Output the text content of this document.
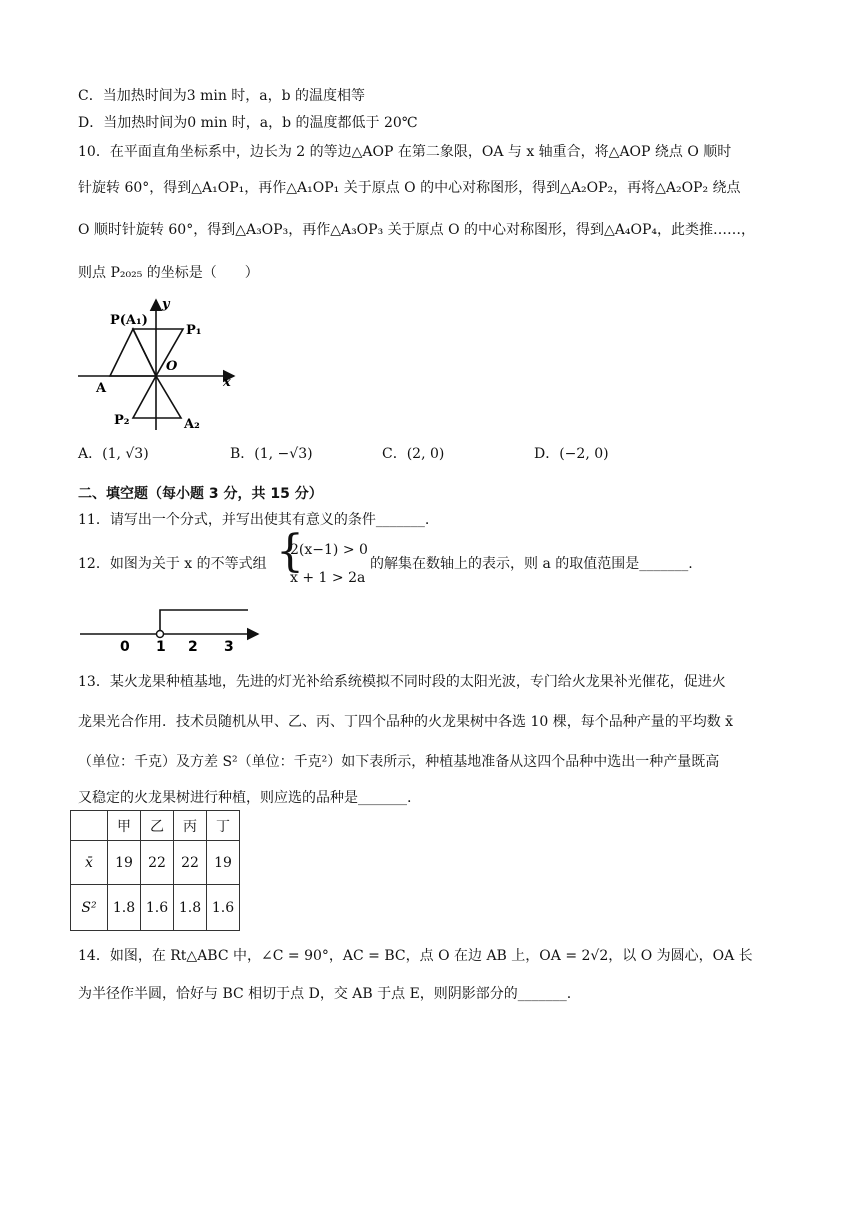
C．当加热时间为3 min 时，a，b 的温度相等
D．当加热时间为0 min 时，a，b 的温度都低于 20℃
10．在平面直角坐标系中，边长为 2 的等边△AOP 在第二象限，OA 与 x 轴重合，将△AOP 绕点 O 顺时
针旋转 60°，得到△A₁OP₁，再作△A₁OP₁ 关于原点 O 的中心对称图形，得到△A₂OP₂，再将△A₂OP₂ 绕点
O 顺时针旋转 60°，得到△A₃OP₃，再作△A₃OP₃ 关于原点 O 的中心对称图形，得到△A₄OP₄，此类推……，
则点 P₂₀₂₅ 的坐标是（　　）
P(A₁)
P₁
O
A
P₂	A₂
x
y
A．(1, √3)	B．(1, −√3)	C．(2, 0)	D．(−2, 0)
二、填空题（每小题 3 分，共 15 分）
11．请写出一个分式，并写出使其有意义的条件_______.
12．如图为关于 x 的不等式组 {
2(x−1) > 0
x + 1 > 2a
的解集在数轴上的表示，则 a 的取值范围是_______.
0 1 2 3
13．某火龙果种植基地，先进的灯光补给系统模拟不同时段的太阳光波，专门给火龙果补光催花，促进火
龙果光合作用．技术员随机从甲、乙、丙、丁四个品种的火龙果树中各选 10 棵，每个品种产量的平均数 x̄
（单位：千克）及方差 S²（单位：千克²）如下表所示，种植基地准备从这四个品种中选出一种产量既高
又稳定的火龙果树进行种植，则应选的品种是_______.
	甲	乙	丙	丁
x̄	19	22	22	19
S²	1.8	1.6	1.8	1.6
14．如图，在 Rt△ABC 中，∠C = 90°，AC = BC，点 O 在边 AB 上，OA = 2√2，以 O 为圆心，OA 长
为半径作半圆，恰好与 BC 相切于点 D，交 AB 于点 E，则阴影部分的_______.
